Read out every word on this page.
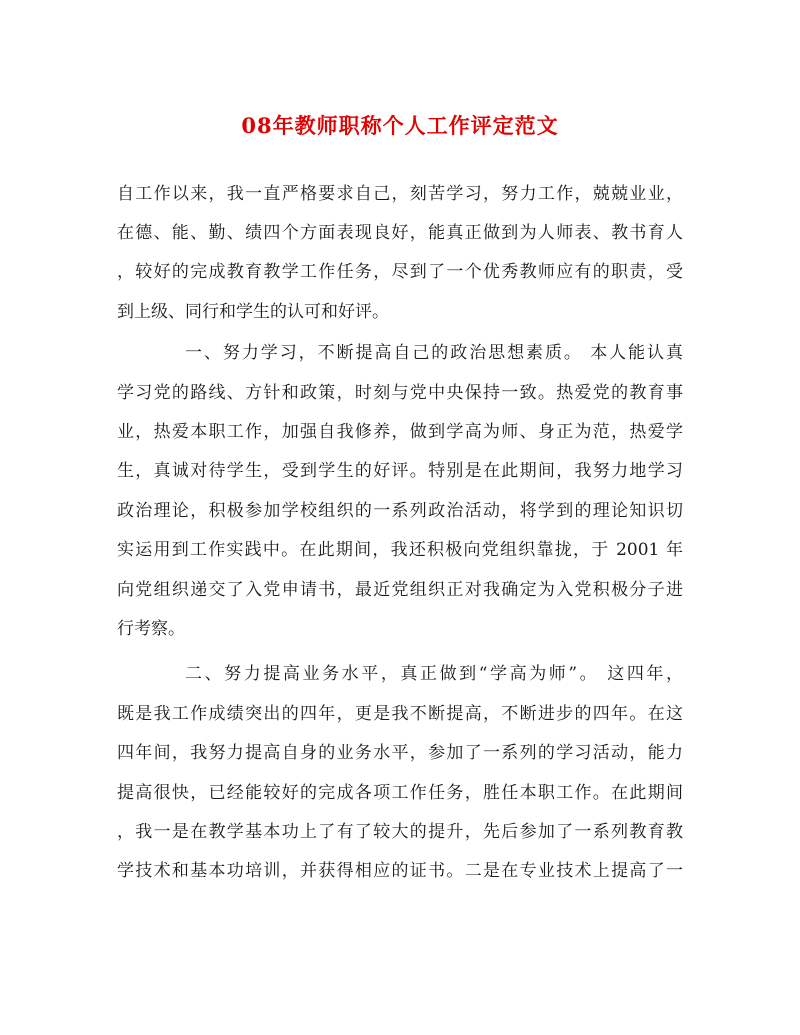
08年教师职称个人工作评定范文

自工作以来，我一直严格要求自己，刻苦学习，努力工作，兢兢业业，

在德、能、勤、绩四个方面表现良好，能真正做到为人师表、教书育人

，较好的完成教育教学工作任务，尽到了一个优秀教师应有的职责，受

到上级、同行和学生的认可和好评。

一、努力学习，不断提高自己的政治思想素质。 本人能认真

学习党的路线、方针和政策，时刻与党中央保持一致。热爱党的教育事

业，热爱本职工作，加强自我修养，做到学高为师、身正为范，热爱学

生，真诚对待学生，受到学生的好评。特别是在此期间，我努力地学习

政治理论，积极参加学校组织的一系列政治活动，将学到的理论知识切

实运用到工作实践中。在此期间，我还积极向党组织靠拢，于 2001 年

向党组织递交了入党申请书，最近党组织正对我确定为入党积极分子进

行考察。

二、努力提高业务水平，真正做到“学高为师”。 这四年，

既是我工作成绩突出的四年，更是我不断提高，不断进步的四年。在这

四年间，我努力提高自身的业务水平，参加了一系列的学习活动，能力

提高很快，已经能较好的完成各项工作任务，胜任本职工作。在此期间

，我一是在教学基本功上了有了较大的提升，先后参加了一系列教育教

学技术和基本功培训，并获得相应的证书。二是在专业技术上提高了一
